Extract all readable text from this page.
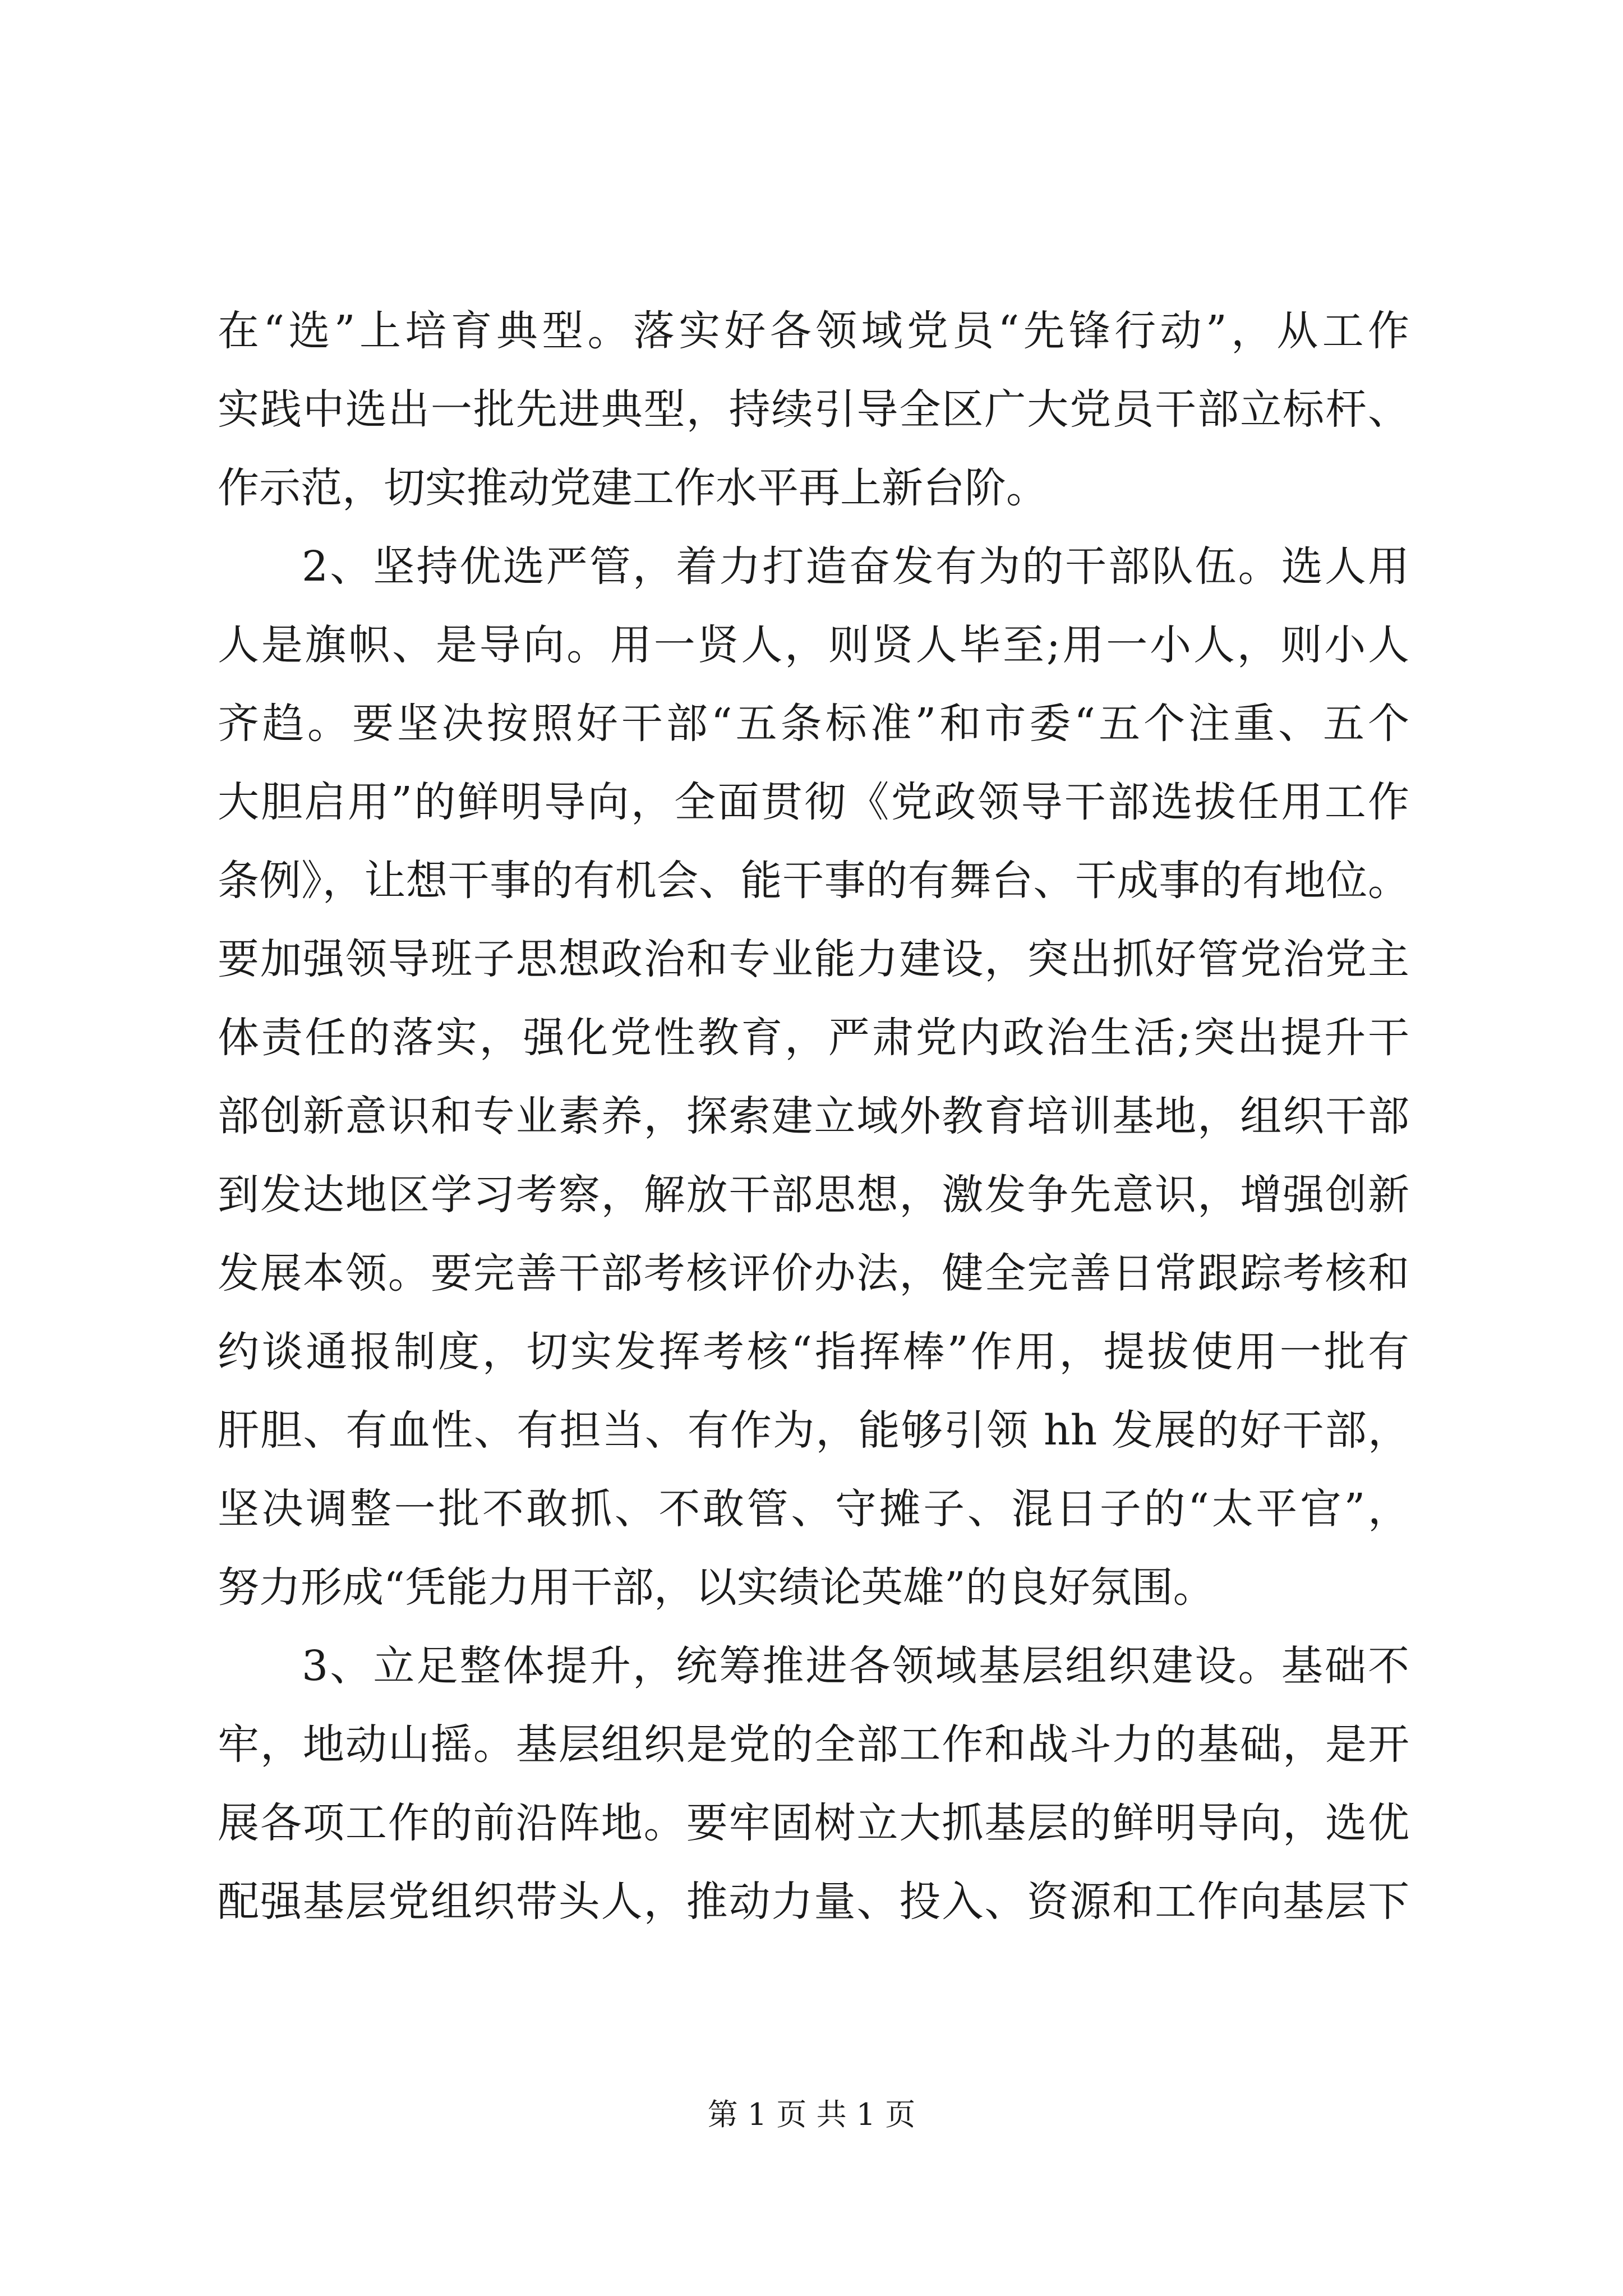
在“选”上培育典型。落实好各领域党员“先锋行动”，从工作
实践中选出一批先进典型，持续引导全区广大党员干部立标杆、
作示范，切实推动党建工作水平再上新台阶。
2、坚持优选严管，着力打造奋发有为的干部队伍。选人用
人是旗帜、是导向。用一贤人，则贤人毕至;用一小人，则小人
齐趋。要坚决按照好干部“五条标准”和市委“五个注重、五个
大胆启用”的鲜明导向，全面贯彻《党政领导干部选拔任用工作
条例》，让想干事的有机会、能干事的有舞台、干成事的有地位。
要加强领导班子思想政治和专业能力建设，突出抓好管党治党主
体责任的落实，强化党性教育，严肃党内政治生活;突出提升干
部创新意识和专业素养，探索建立域外教育培训基地，组织干部
到发达地区学习考察，解放干部思想，激发争先意识，增强创新
发展本领。要完善干部考核评价办法，健全完善日常跟踪考核和
约谈通报制度，切实发挥考核“指挥棒”作用，提拔使用一批有
肝胆、有血性、有担当、有作为，能够引领 hh 发展的好干部，
坚决调整一批不敢抓、不敢管、守摊子、混日子的“太平官”，
努力形成“凭能力用干部，以实绩论英雄”的良好氛围。
3、立足整体提升，统筹推进各领域基层组织建设。基础不
牢，地动山摇。基层组织是党的全部工作和战斗力的基础，是开
展各项工作的前沿阵地。要牢固树立大抓基层的鲜明导向，选优
配强基层党组织带头人，推动力量、投入、资源和工作向基层下
第 1 页 共 1 页
